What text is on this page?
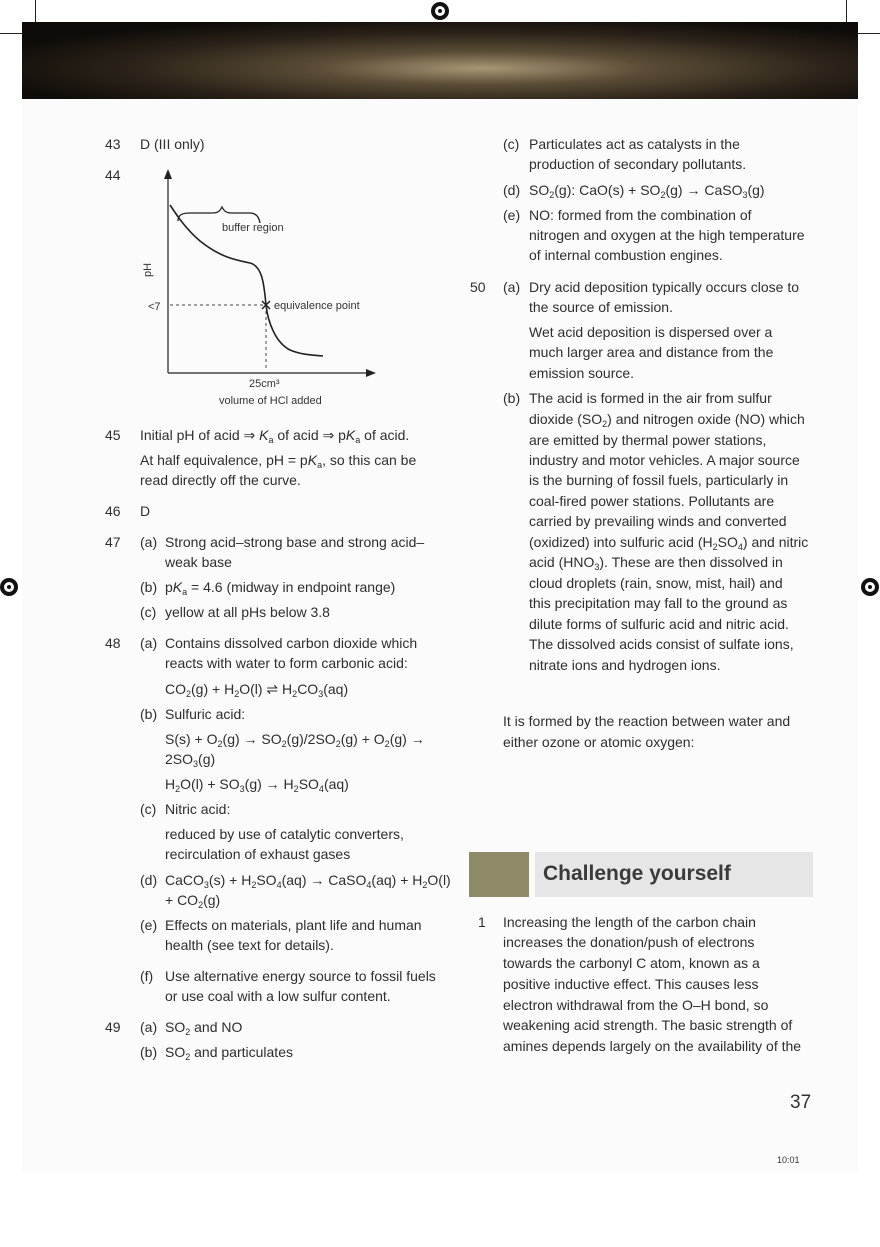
43 D (III only)
44
buffer region
equivalence point
<7
pH
25cm³
volume of HCl added
45 Initial pH of acid ⇒ $K_a$ of acid ⇒ $pK_a$ of acid.
At half equivalence, pH = $pK_a$, so this can be
read directly off the curve.
46 D
47 (a) Strong acid–strong base and strong acid–
weak base
(b) $pK_a = 4.6$ (midway in endpoint range)
(c) yellow at all pHs below 3.8
48 (a) Contains dissolved carbon dioxide which
reacts with water to form carbonic acid:
$CO_2(g) + H_2O(l)$ ⇌ $H_2CO_3(aq)$
(b) Sulfuric acid:
$S(s) + O_2(g) \to SO_2(g)/2SO_2(g) + O_2(g)$ →
$2SO_3(g)$
$H_2O(l) + SO_3(g) \to H_2SO_4(aq)$
(c) Nitric acid:
reduced by use of catalytic converters,
recirculation of exhaust gases
(d) CaCO$_3$(s) + $H_2SO_4(aq)$ → CaSO$_4$(aq) + $H_2O(l)$
+ $CO_2(g)$
(e) Effects on materials, plant life and human
health (see text for details).
(f) Use alternative energy source to fossil fuels
or use coal with a low sulfur content.
49 (a) $SO_2$ and NO
(b) $SO_2$ and particulates
(c) Particulates act as catalysts in the
production of secondary pollutants.
(d) $SO_2(g)$: $CaO(s) + SO_2(g)$ → CaSO$_3$(g)
(e) NO: formed from the combination of
nitrogen and oxygen at the high temperature
of internal combustion engines.
50 (a) Dry acid deposition typically occurs close to
the source of emission.
Wet acid deposition is dispersed over a
much larger area and distance from the
emission source.
(b) The acid is formed in the air from sulfur
dioxide $(SO_2)$ and nitrogen oxide (NO) which
are emitted by thermal power stations,
industry and motor vehicles. A major source
is the burning of fossil fuels, particularly in
coal-fired power stations. Pollutants are
carried by prevailing winds and converted
(oxidized) into sulfuric acid $(H_2SO_4)$ and nitric
acid $(HNO_3)$. These are then dissolved in
cloud droplets (rain, snow, mist, hail) and
this precipitation may fall to the ground as
dilute forms of sulfuric acid and nitric acid.
The dissolved acids consist of sulfate ions,
nitrate ions and hydrogen ions.
It is formed by the reaction between water and
either ozone or atomic oxygen:
Challenge yourself
1 Increasing the length of the carbon chain
increases the donation/push of electrons
towards the carbonyl C atom, known as a
positive inductive effect. This causes less
electron withdrawal from the O–H bond, so
weakening acid strength. The basic strength of
amines depends largely on the availability of the
37
10:01
